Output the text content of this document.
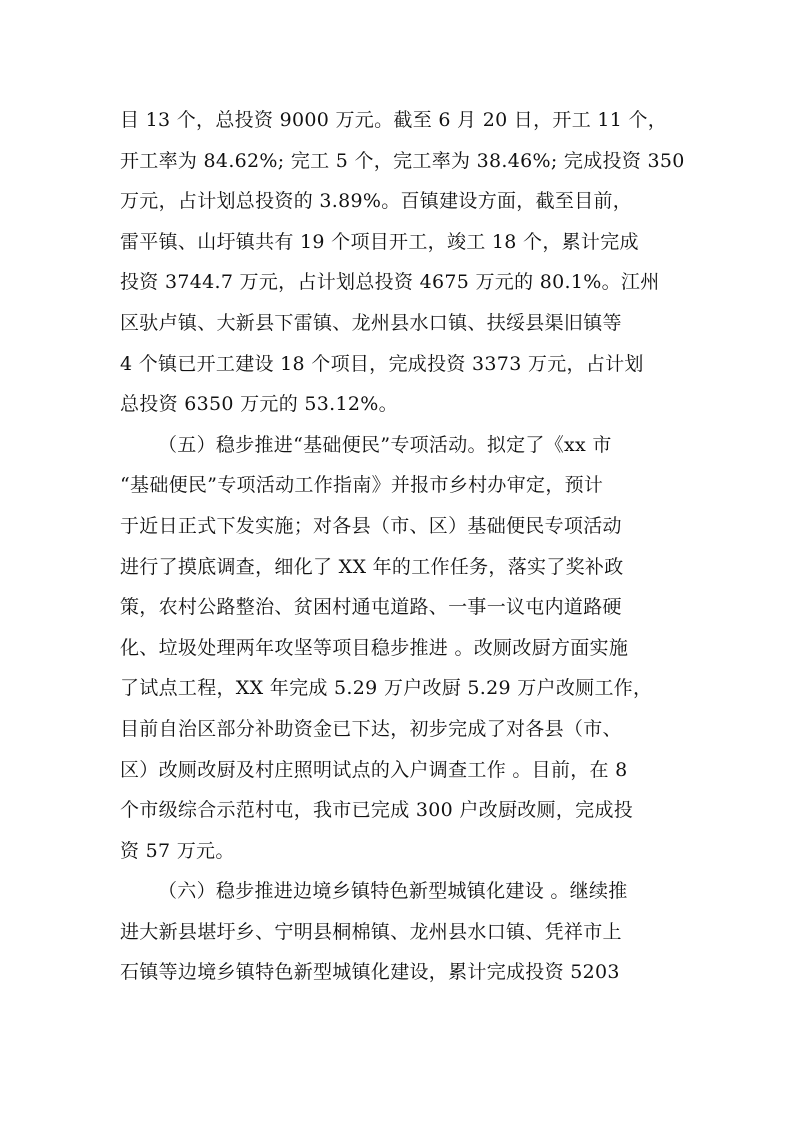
目 13 个，总投资 9000 万元。截至 6 月 20 日，开工 11 个，
开工率为 84.62%; 完工 5 个，完工率为 38.46%; 完成投资 350
万元，占计划总投资的 3.89%。百镇建设方面，截至目前，
雷平镇、山圩镇共有 19 个项目开工，竣工 18 个，累计完成
投资 3744.7 万元，占计划总投资 4675 万元的 80.1%。江州
区驮卢镇、大新县下雷镇、龙州县水口镇、扶绥县渠旧镇等
4 个镇已开工建设 18 个项目，完成投资 3373 万元，占计划
总投资 6350 万元的 53.12%。
（五）稳步推进“基础便民”专项活动。拟定了《xx 市
“基础便民”专项活动工作指南》并报市乡村办审定，预计
于近日正式下发实施；对各县（市、区）基础便民专项活动
进行了摸底调查，细化了 XX 年的工作任务，落实了奖补政
策，农村公路整治、贫困村通屯道路、一事一议屯内道路硬
化、垃圾处理两年攻坚等项目稳步推进 。改厕改厨方面实施
了试点工程，XX 年完成 5.29 万户改厨 5.29 万户改厕工作，
目前自治区部分补助资金已下达，初步完成了对各县（市、
区）改厕改厨及村庄照明试点的入户调查工作 。目前，在 8
个市级综合示范村屯，我市已完成 300 户改厨改厕，完成投
资 57 万元。
（六）稳步推进边境乡镇特色新型城镇化建设 。继续推
进大新县堪圩乡、宁明县桐棉镇、龙州县水口镇、凭祥市上
石镇等边境乡镇特色新型城镇化建设，累计完成投资 5203
